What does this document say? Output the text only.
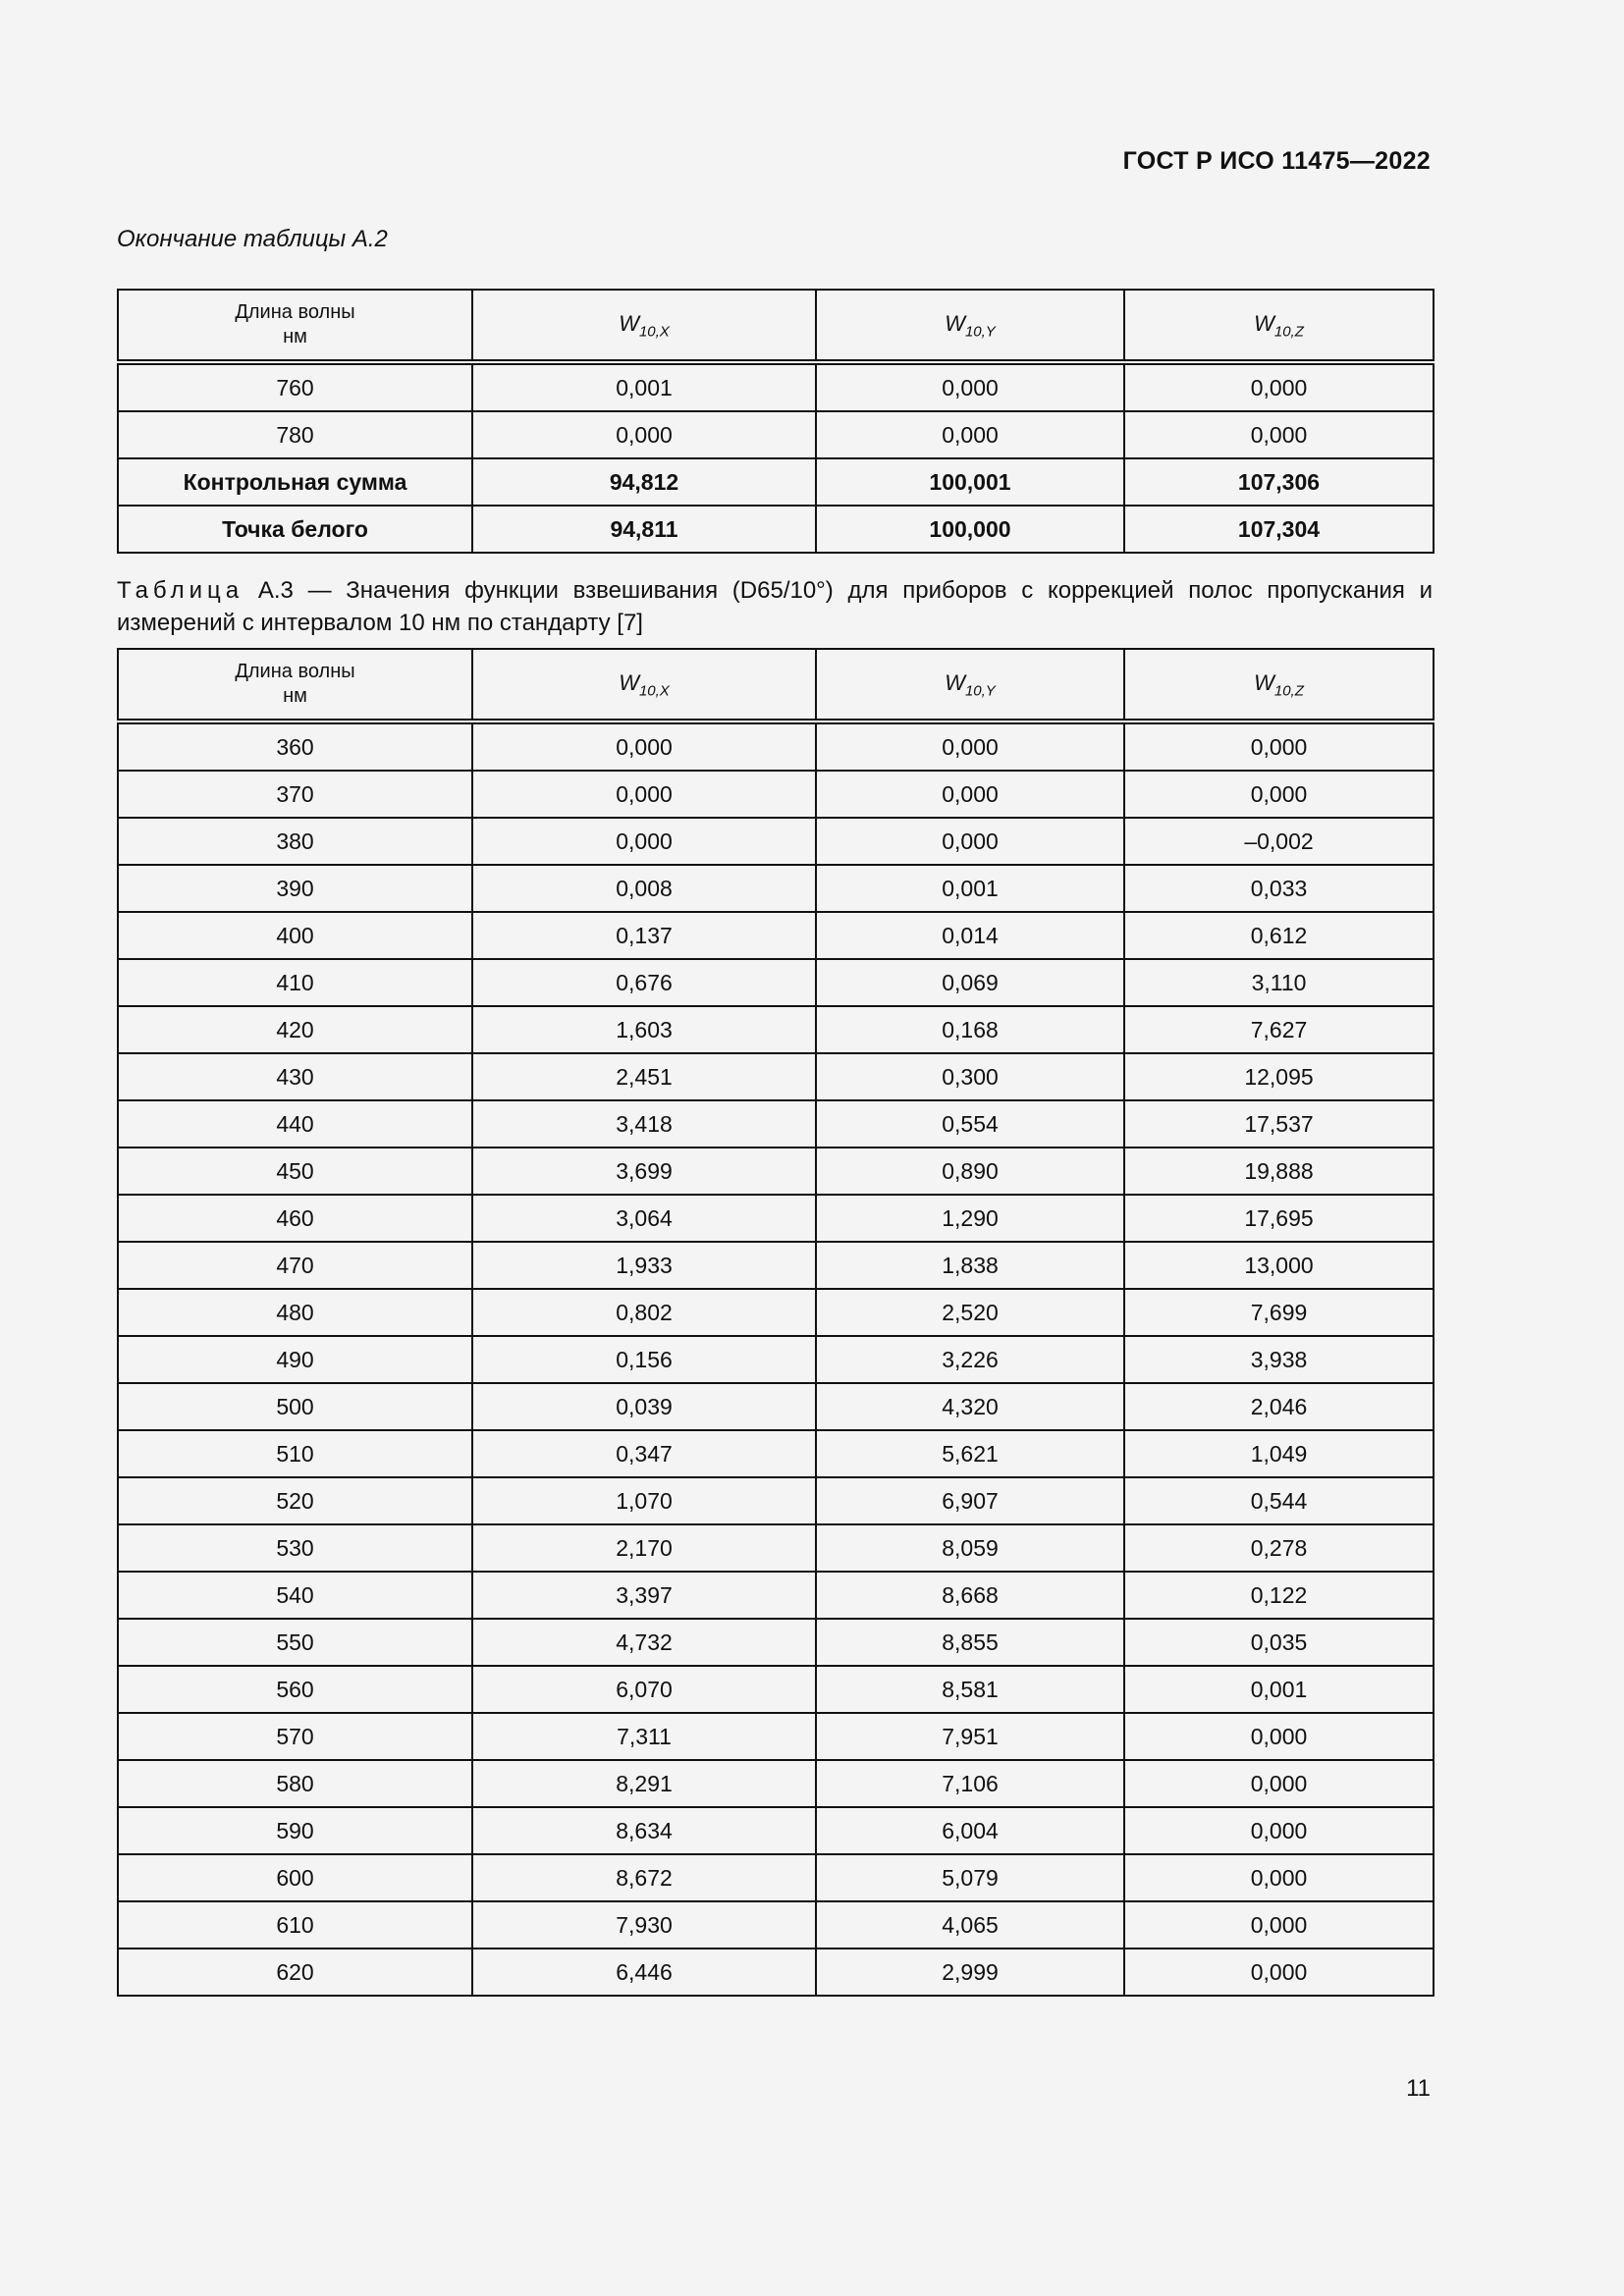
ГОСТ Р ИСО 11475—2022
Окончание таблицы А.2
Длина волны
нм	$W_{10,X}$	$W_{10,Y}$	$W_{10,Z}$
760	0,001	0,000	0,000
780	0,000	0,000	0,000
Контрольная сумма	94,812	100,001	107,306
Точка белого	94,811	100,000	107,304
Таблица А.3 — Значения функции взвешивания (D65/10°) для приборов с коррекцией полос пропускания и измерений с интервалом 10 нм по стандарту [7]
Длина волны
нм	$W_{10,X}$	$W_{10,Y}$	$W_{10,Z}$
360	0,000	0,000	0,000
370	0,000	0,000	0,000
380	0,000	0,000	–0,002
390	0,008	0,001	0,033
400	0,137	0,014	0,612
410	0,676	0,069	3,110
420	1,603	0,168	7,627
430	2,451	0,300	12,095
440	3,418	0,554	17,537
450	3,699	0,890	19,888
460	3,064	1,290	17,695
470	1,933	1,838	13,000
480	0,802	2,520	7,699
490	0,156	3,226	3,938
500	0,039	4,320	2,046
510	0,347	5,621	1,049
520	1,070	6,907	0,544
530	2,170	8,059	0,278
540	3,397	8,668	0,122
550	4,732	8,855	0,035
560	6,070	8,581	0,001
570	7,311	7,951	0,000
580	8,291	7,106	0,000
590	8,634	6,004	0,000
600	8,672	5,079	0,000
610	7,930	4,065	0,000
620	6,446	2,999	0,000
11
